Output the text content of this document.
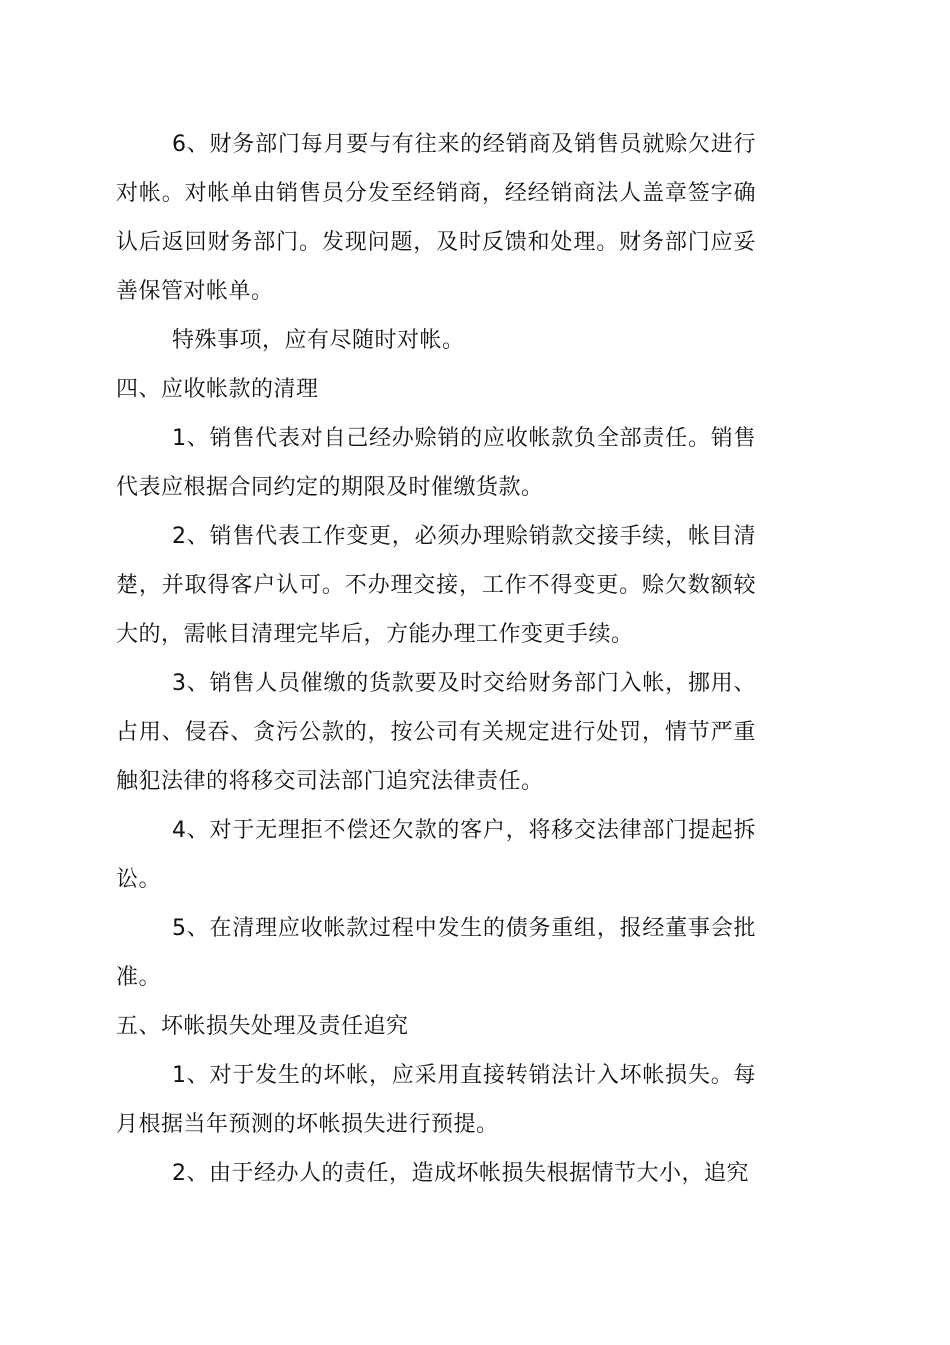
6、财务部门每月要与有往来的经销商及销售员就赊欠进行对帐。对帐单由销售员分发至经销商，经经销商法人盖章签字确认后返回财务部门。发现问题，及时反馈和处理。财务部门应妥善保管对帐单。

特殊事项，应有尽随时对帐。

四、应收帐款的清理

1、销售代表对自己经办赊销的应收帐款负全部责任。销售代表应根据合同约定的期限及时催缴货款。

2、销售代表工作变更，必须办理赊销款交接手续，帐目清楚，并取得客户认可。不办理交接，工作不得变更。赊欠数额较大的，需帐目清理完毕后，方能办理工作变更手续。

3、销售人员催缴的货款要及时交给财务部门入帐，挪用、占用、侵吞、贪污公款的，按公司有关规定进行处罚，情节严重触犯法律的将移交司法部门追究法律责任。

4、对于无理拒不偿还欠款的客户，将移交法律部门提起拆讼。

5、在清理应收帐款过程中发生的债务重组，报经董事会批准。

五、坏帐损失处理及责任追究

1、对于发生的坏帐，应采用直接转销法计入坏帐损失。每月根据当年预测的坏帐损失进行预提。

2、由于经办人的责任，造成坏帐损失根据情节大小，追究
